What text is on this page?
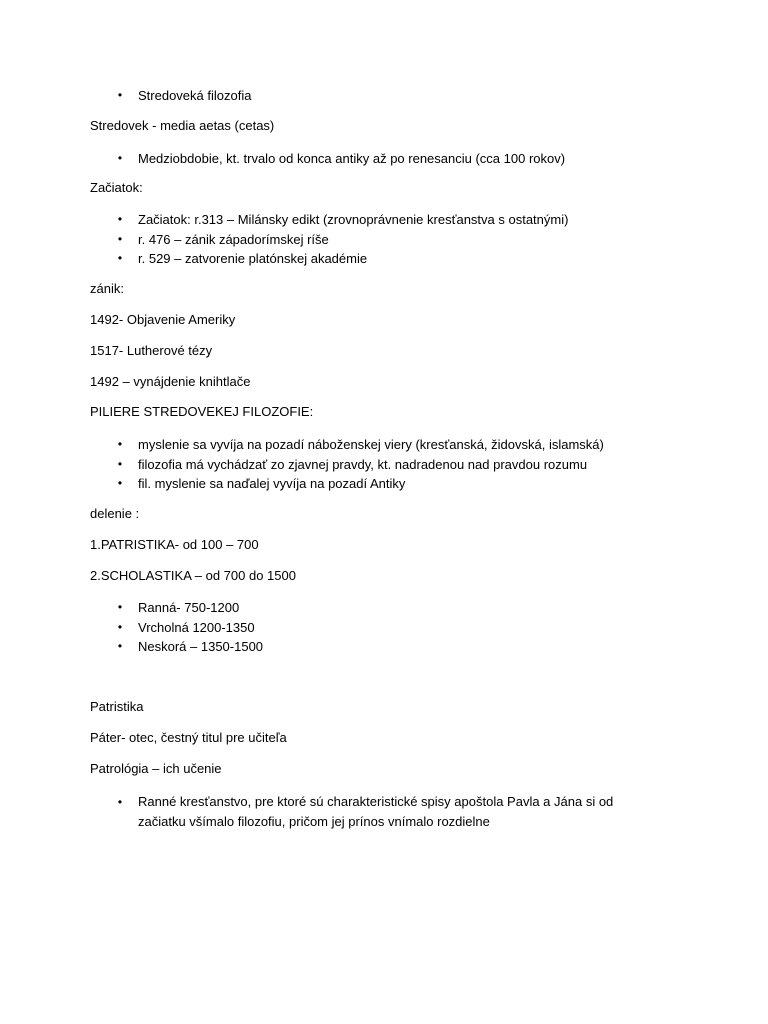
• Stredoveká filozofia
Stredovek - media aetas (cetas)
• Medziobdobie, kt. trvalo od konca antiky až po renesanciu (cca 100 rokov)
Začiatok:
• Začiatok: r.313 – Milánsky edikt (zrovnoprávnenie kresťanstva s ostatnými)
• r. 476 – zánik západorímskej ríše
• r. 529 – zatvorenie platónskej akadémie
zánik:
1492- Objavenie Ameriky
1517- Lutherové tézy
1492 – vynájdenie knihtlače
PILIERE STREDOVEKEJ FILOZOFIE:
• myslenie sa vyvíja na pozadí náboženskej viery (kresťanská, židovská, islamská)
• filozofia má vychádzať zo zjavnej pravdy, kt. nadradenou nad pravdou rozumu
• fil. myslenie sa naďalej vyvíja na pozadí Antiky
delenie :
1.PATRISTIKA- od 100 – 700
2.SCHOLASTIKA – od 700 do 1500
• Ranná- 750-1200
• Vrcholná 1200-1350
• Neskorá – 1350-1500
Patristika
Páter- otec, čestný titul pre učiteľa
Patrológia – ich učenie
• Ranné kresťanstvo, pre ktoré sú charakteristické spisy apoštola Pavla a Jána si od začiatku všímalo filozofiu, pričom jej prínos vnímalo rozdielne
